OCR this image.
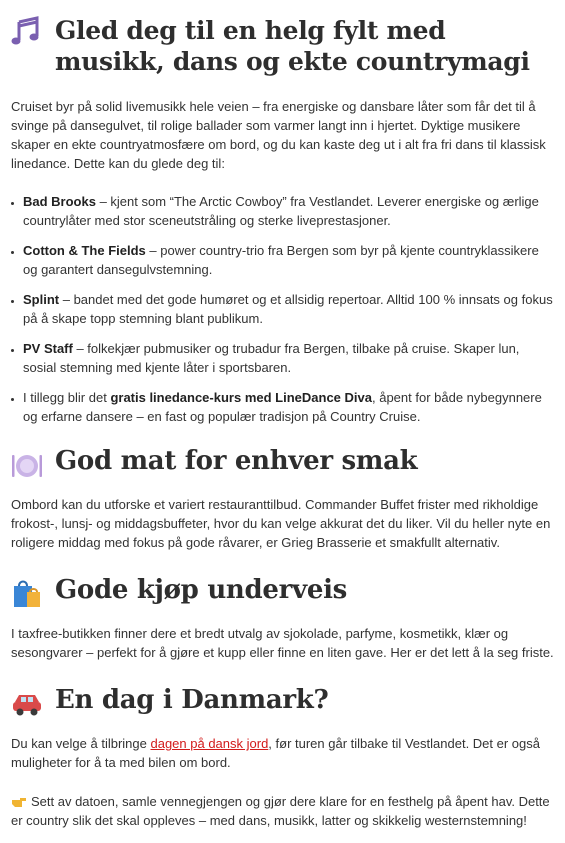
Gled deg til en helg fylt med musikk, dans og ekte countrymagi

Cruiset byr på solid livemusikk hele veien – fra energiske og dansbare låter som får det til å svinge på dansegulvet, til rolige ballader som varmer langt inn i hjertet. Dyktige musikere skaper en ekte countryatmosfære om bord, og du kan kaste deg ut i alt fra fri dans til klassisk linedance. Dette kan du glede deg til:

• Bad Brooks – kjent som “The Arctic Cowboy” fra Vestlandet. Leverer energiske og ærlige countrylåter med stor sceneutstråling og sterke liveprestasjoner.
• Cotton & The Fields – power country-trio fra Bergen som byr på kjente countryklassikere og garantert dansegulvstemning.
• Splint – bandet med det gode humøret og et allsidig repertoar. Alltid 100 % innsats og fokus på å skape topp stemning blant publikum.
• PV Staff – folkekjær pubmusiker og trubadur fra Bergen, tilbake på cruise. Skaper lun, sosial stemning med kjente låter i sportsbaren.
• I tillegg blir det gratis linedance-kurs med LineDance Diva, åpent for både nybegynnere og erfarne dansere – en fast og populær tradisjon på Country Cruise.
God mat for enhver smak

Ombord kan du utforske et variert restauranttilbud. Commander Buffet frister med rikholdige frokost-, lunsj- og middagsbuffeter, hvor du kan velge akkurat det du liker. Vil du heller nyte en roligere middag med fokus på gode råvarer, er Grieg Brasserie et smakfullt alternativ.

Gode kjøp underveis

I taxfree-butikken finner dere et bredt utvalg av sjokolade, parfyme, kosmetikk, klær og sesongvarer – perfekt for å gjøre et kupp eller finne en liten gave. Her er det lett å la seg friste.

En dag i Danmark?

Du kan velge å tilbringe dagen på dansk jord, før turen går tilbake til Vestlandet. Det er også muligheter for å ta med bilen om bord.

Sett av datoen, samle vennegjengen og gjør dere klare for en festhelg på åpent hav. Dette er country slik det skal oppleves – med dans, musikk, latter og skikkelig westernstemning!
